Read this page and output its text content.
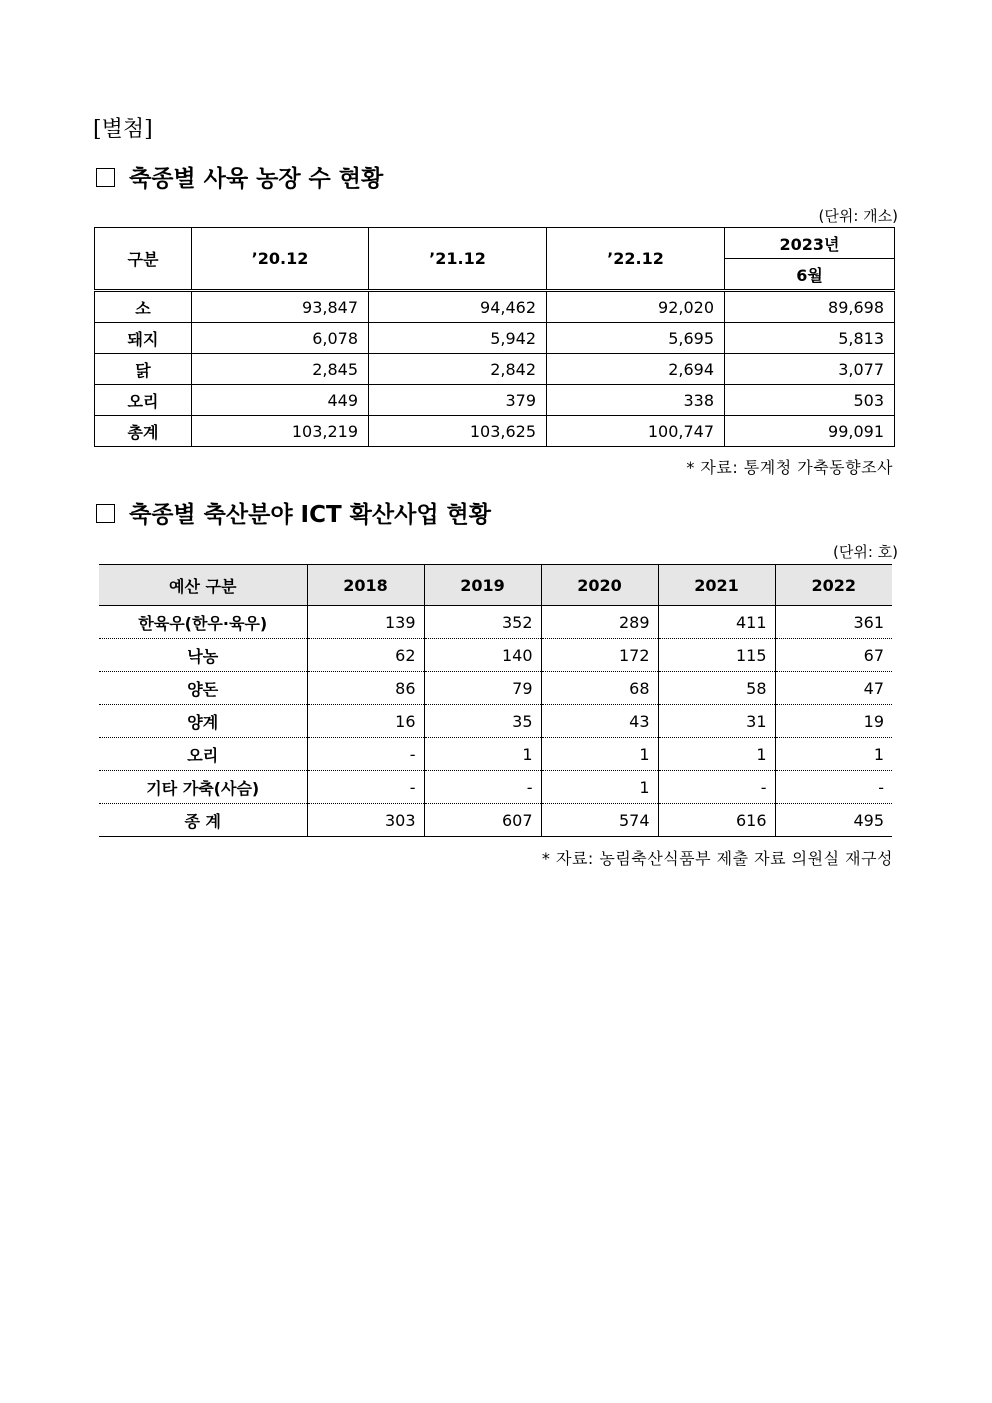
[별첨]
축종별 사육 농장 수 현황
(단위: 개소)
구분	’20.12	’21.12	’22.12	2023년
				6월
소	93,847	94,462	92,020	89,698
돼지	6,078	5,942	5,695	5,813
닭	2,845	2,842	2,694	3,077
오리	449	379	338	503
총계	103,219	103,625	100,747	99,091
* 자료: 통계청 가축동향조사
축종별 축산분야 ICT 확산사업 현황
(단위: 호)
예산 구분	2018	2019	2020	2021	2022
한육우(한우·육우)	139	352	289	411	361
낙농	62	140	172	115	67
양돈	86	79	68	58	47
양계	16	35	43	31	19
오리	-	1	1	1	1
기타 가축(사슴)	-	-	1	-	-
종 계	303	607	574	616	495
* 자료: 농림축산식품부 제출 자료 의원실 재구성
